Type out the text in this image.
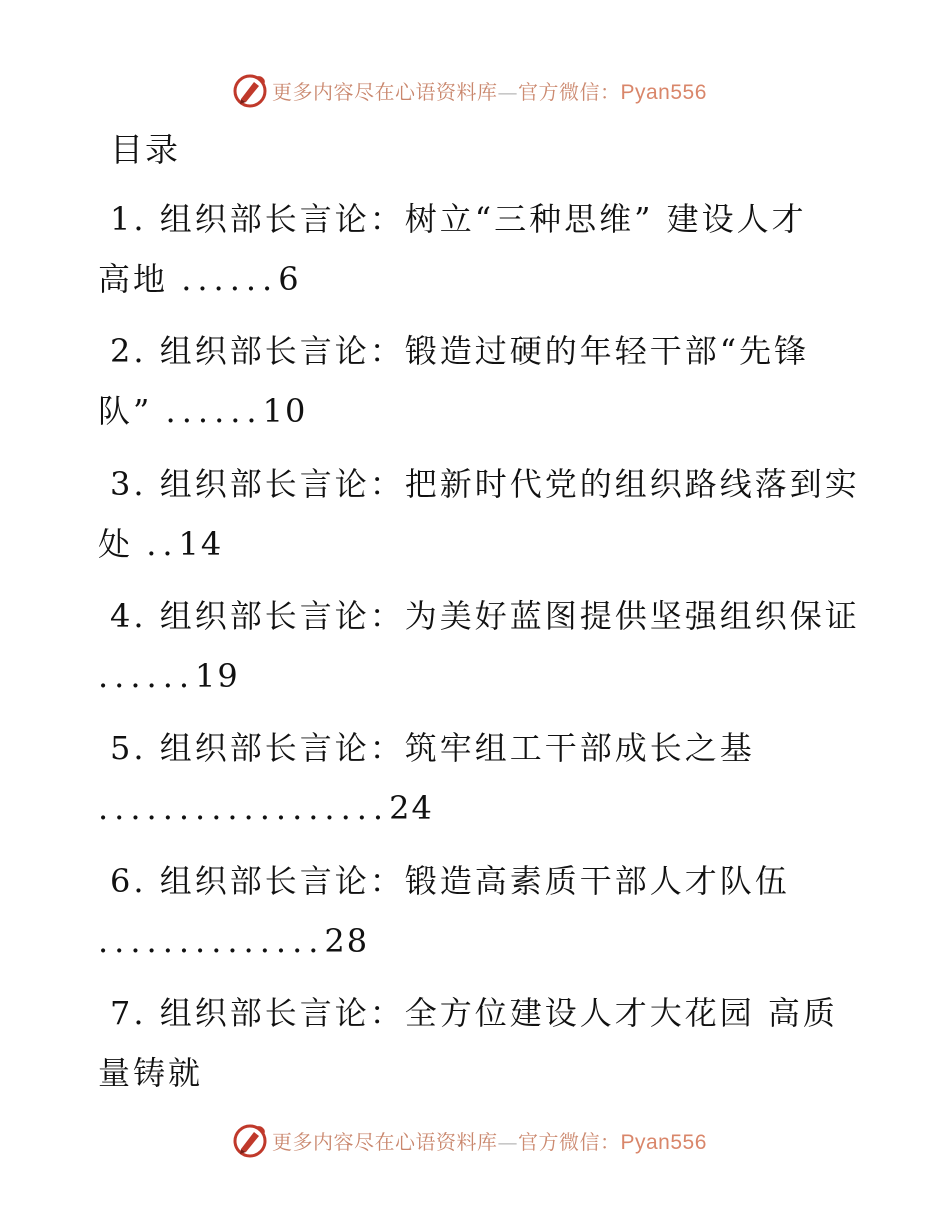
更多内容尽在心语资料库—官方微信：Pyan556
目录
1. 组织部长言论：树立“三种思维” 建设人才
高地 ......6
2. 组织部长言论：锻造过硬的年轻干部“先锋
队” ......10
3. 组织部长言论：把新时代党的组织路线落到实
处 ..14
4. 组织部长言论：为美好蓝图提供坚强组织保证
......19
5. 组织部长言论：筑牢组工干部成长之基
..................24
6. 组织部长言论：锻造高素质干部人才队伍
..............28
7. 组织部长言论：全方位建设人才大花园 高质
量铸就
更多内容尽在心语资料库—官方微信：Pyan556
